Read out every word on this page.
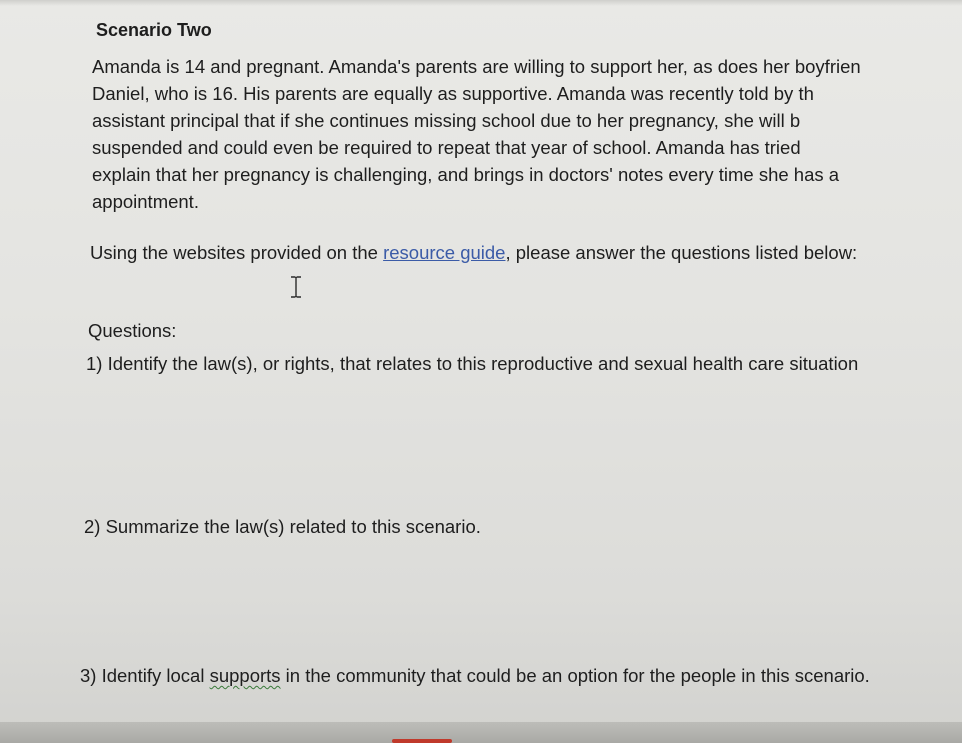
Scenario Two
Amanda is 14 and pregnant. Amanda's parents are willing to support her, as does her boyfrien
Daniel, who is 16. His parents are equally as supportive. Amanda was recently told by th
assistant principal that if she continues missing school due to her pregnancy, she will b
suspended and could even be required to repeat that year of school. Amanda has tried
explain that her pregnancy is challenging, and brings in doctors' notes every time she has a
appointment.
Using the websites provided on the resource guide, please answer the questions listed below:
Questions:
1) Identify the law(s), or rights, that relates to this reproductive and sexual health care situation
2) Summarize the law(s) related to this scenario.
3) Identify local supports in the community that could be an option for the people in this scenario.
